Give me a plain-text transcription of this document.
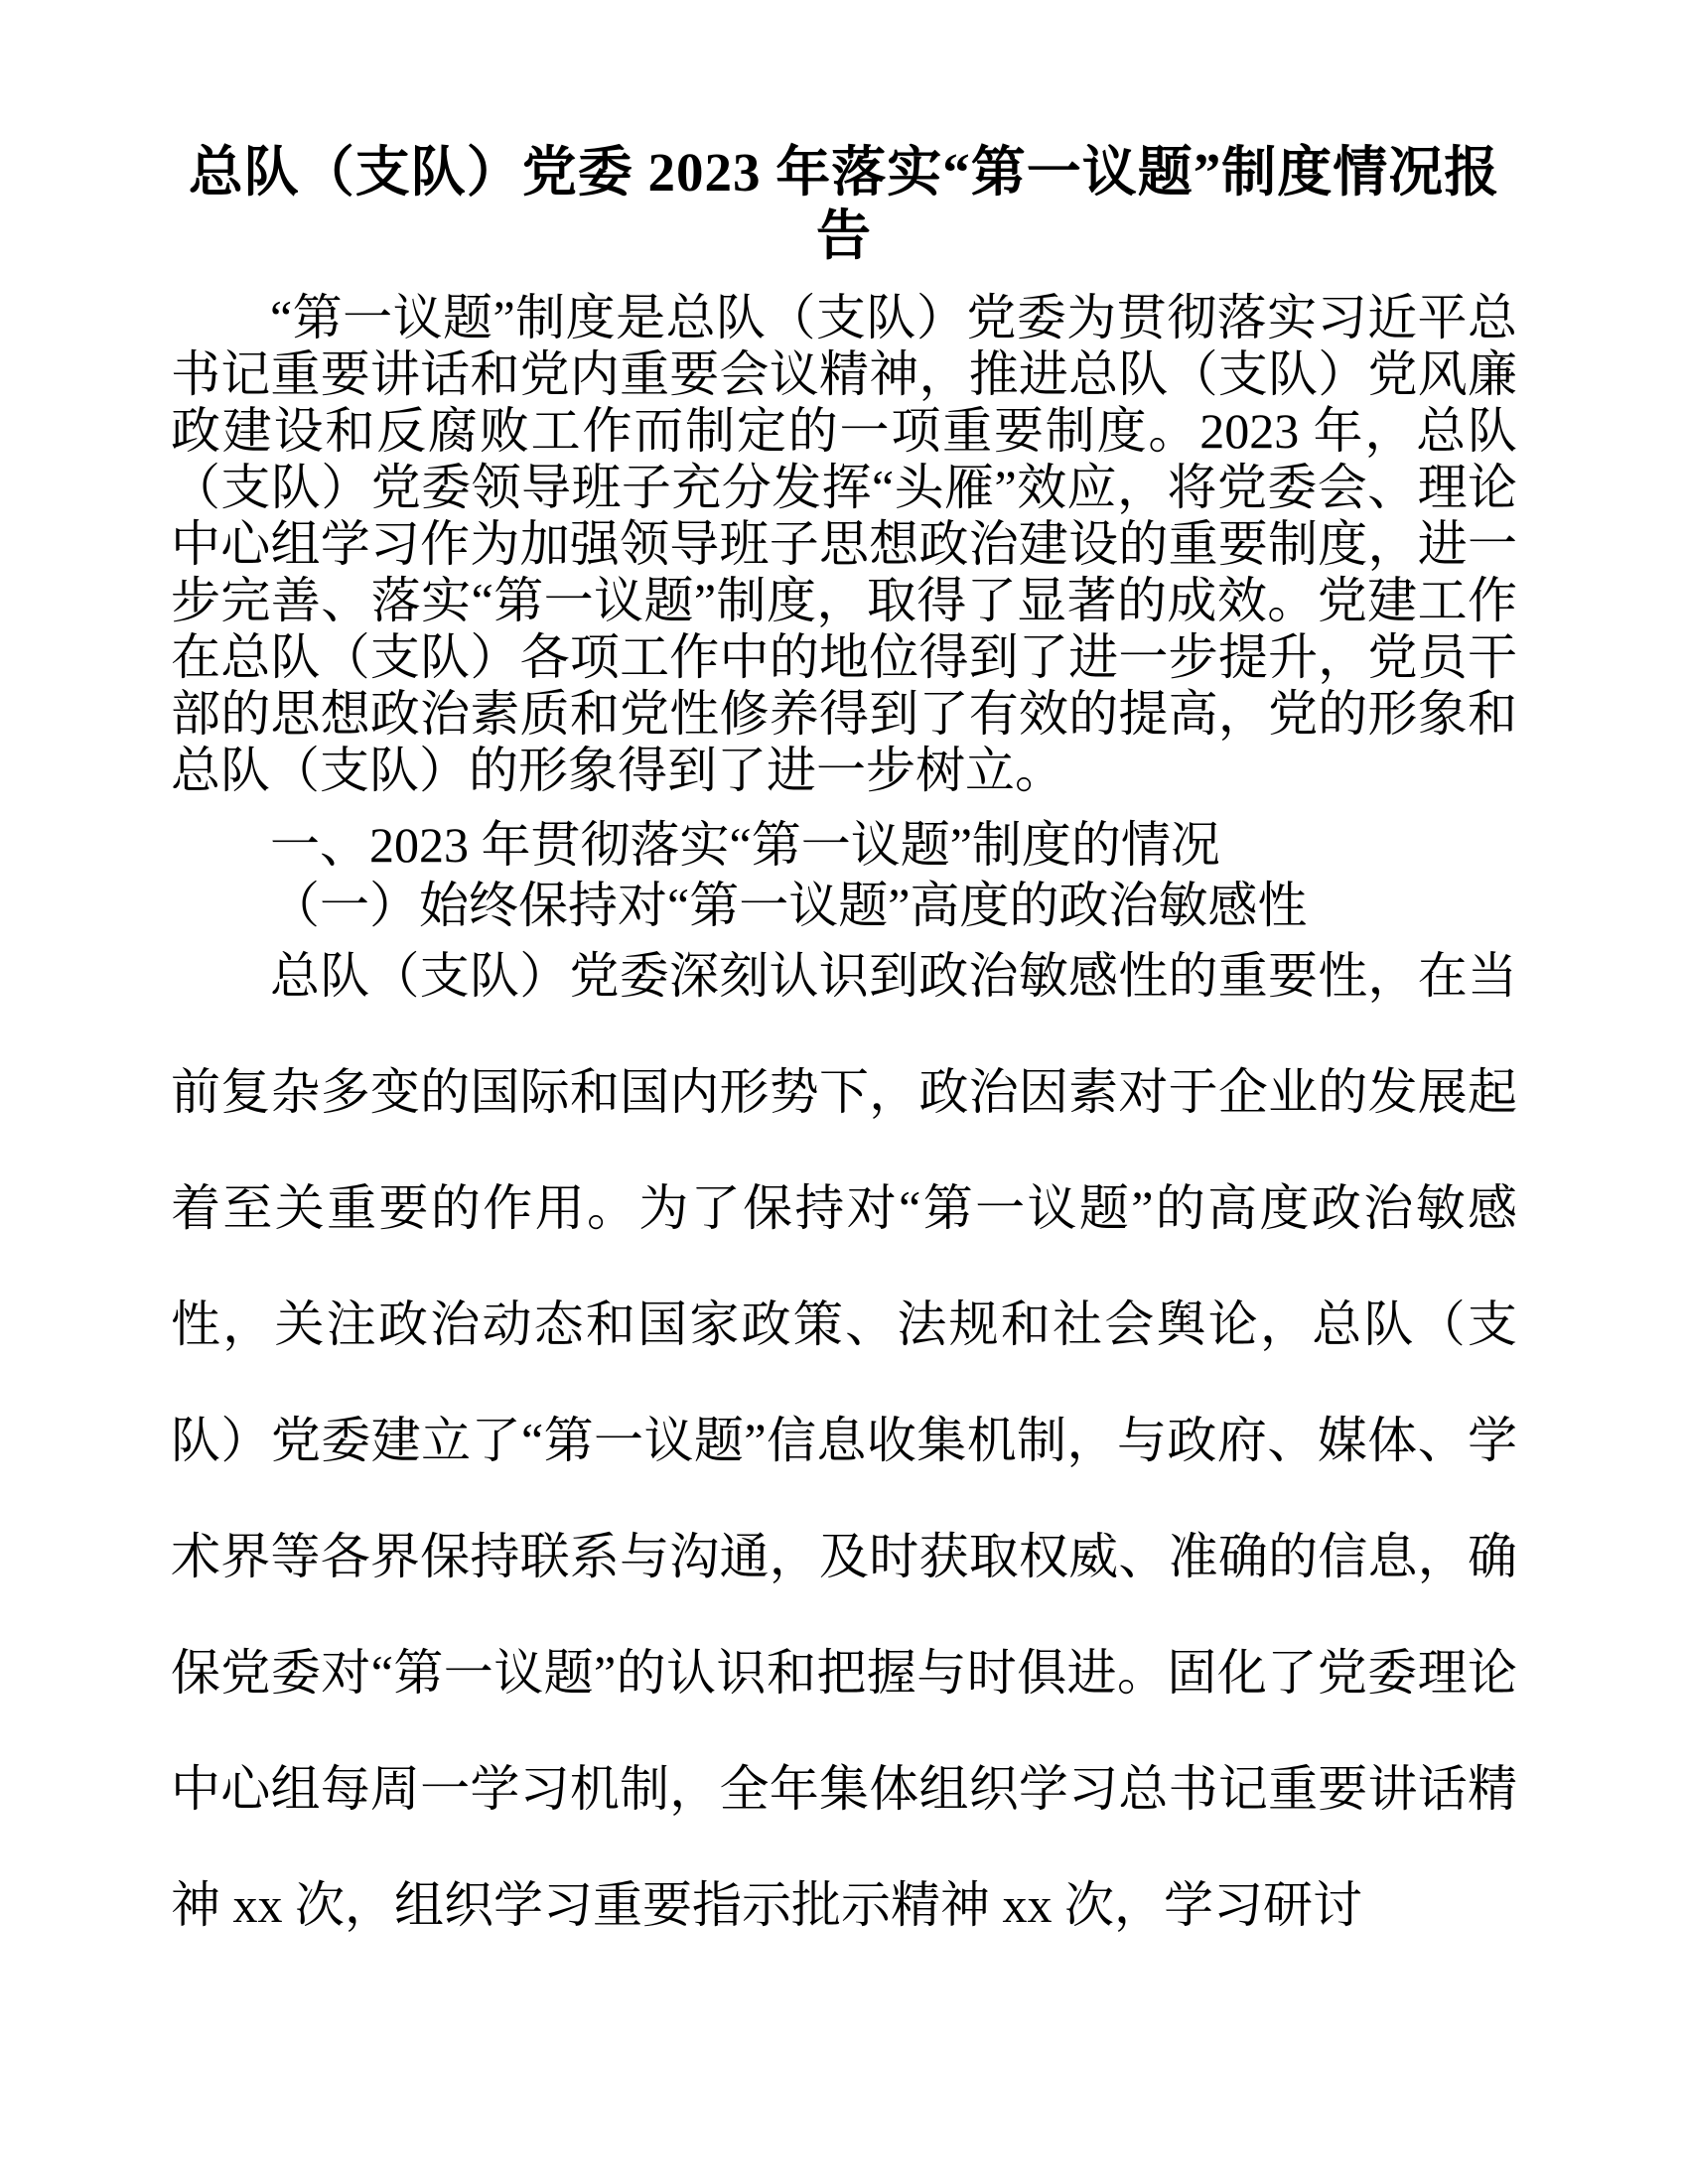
总队（支队）党委 2023 年落实“第一议题”制度情况报告

“第一议题”制度是总队（支队）党委为贯彻落实习近平总书记重要讲话和党内重要会议精神，推进总队（支队）党风廉政建设和反腐败工作而制定的一项重要制度。2023 年，总队（支队）党委领导班子充分发挥“头雁”效应，将党委会、理论中心组学习作为加强领导班子思想政治建设的重要制度，进一步完善、落实“第一议题”制度，取得了显著的成效。党建工作在总队（支队）各项工作中的地位得到了进一步提升，党员干部的思想政治素质和党性修养得到了有效的提高，党的形象和总队（支队）的形象得到了进一步树立。

一、2023 年贯彻落实“第一议题”制度的情况

（一）始终保持对“第一议题”高度的政治敏感性

总队（支队）党委深刻认识到政治敏感性的重要性，在当前复杂多变的国际和国内形势下，政治因素对于企业的发展起着至关重要的作用。为了保持对“第一议题”的高度政治敏感性，关注政治动态和国家政策、法规和社会舆论，总队（支队）党委建立了“第一议题”信息收集机制，与政府、媒体、学术界等各界保持联系与沟通，及时获取权威、准确的信息，确保党委对“第一议题”的认识和把握与时俱进。固化了党委理论中心组每周一学习机制，全年集体组织学习总书记重要讲话精神 xx 次，组织学习重要指示批示精神 xx 次，学习研讨
